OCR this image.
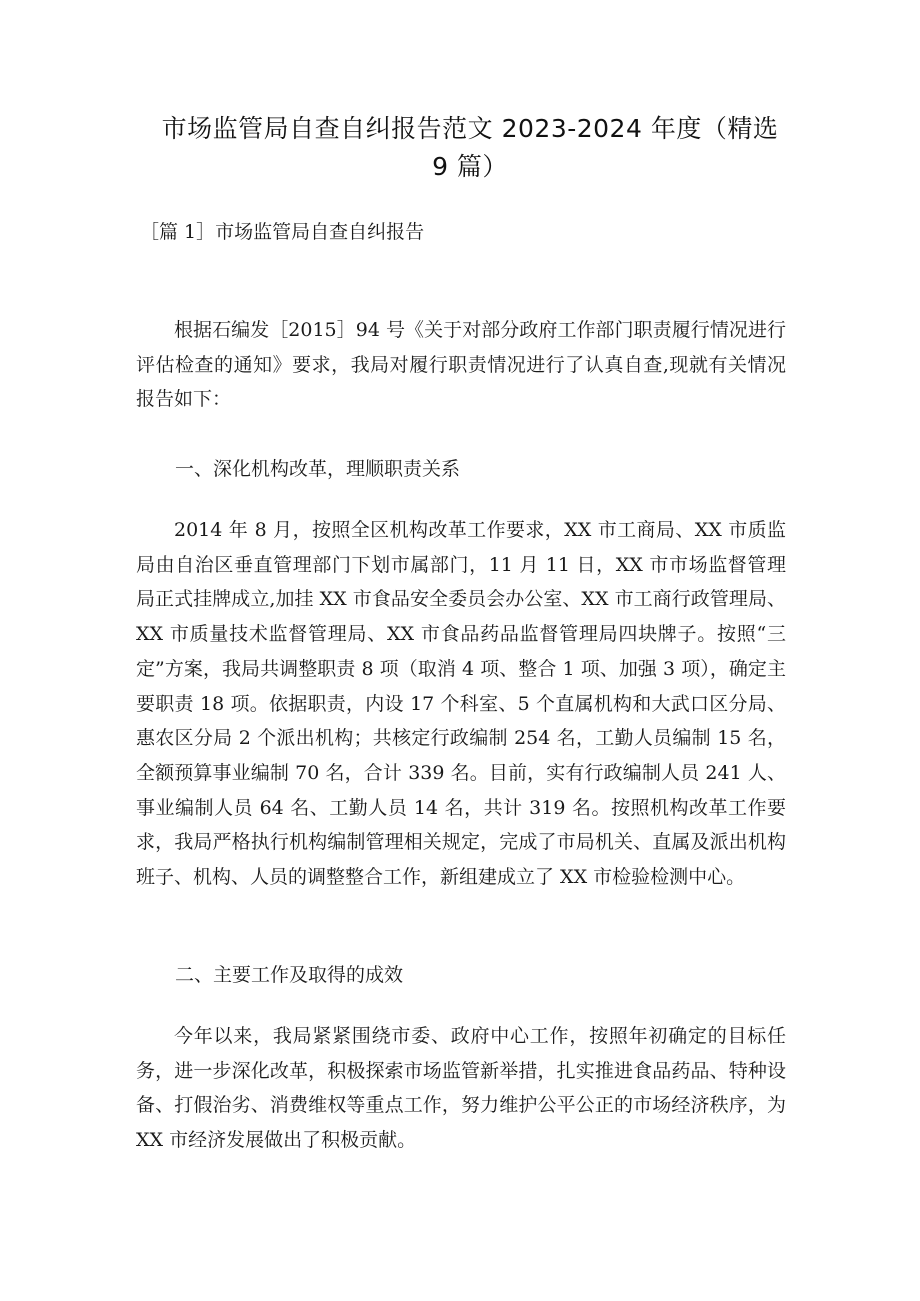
市场监管局自查自纠报告范文 2023-2024 年度（精选 9 篇）

［篇 1］市场监管局自查自纠报告

根据石编发［2015］94 号《关于对部分政府工作部门职责履行情况进行评估检查的通知》要求，我局对履行职责情况进行了认真自查,现就有关情况报告如下：

一、深化机构改革，理顺职责关系

2014 年 8 月，按照全区机构改革工作要求，XX 市工商局、XX 市质监局由自治区垂直管理部门下划市属部门，11 月 11 日，XX 市市场监督管理局正式挂牌成立,加挂 XX 市食品安全委员会办公室、XX 市工商行政管理局、XX 市质量技术监督管理局、XX 市食品药品监督管理局四块牌子。按照“三定”方案，我局共调整职责 8 项（取消 4 项、整合 1 项、加强 3 项），确定主要职责 18 项。依据职责，内设 17 个科室、5 个直属机构和大武口区分局、惠农区分局 2 个派出机构；共核定行政编制 254 名，工勤人员编制 15 名，全额预算事业编制 70 名，合计 339 名。目前，实有行政编制人员 241 人、事业编制人员 64 名、工勤人员 14 名，共计 319 名。按照机构改革工作要求，我局严格执行机构编制管理相关规定，完成了市局机关、直属及派出机构班子、机构、人员的调整整合工作，新组建成立了 XX 市检验检测中心。

二、主要工作及取得的成效

今年以来，我局紧紧围绕市委、政府中心工作，按照年初确定的目标任务，进一步深化改革，积极探索市场监管新举措，扎实推进食品药品、特种设备、打假治劣、消费维权等重点工作，努力维护公平公正的市场经济秩序，为 XX 市经济发展做出了积极贡献。
